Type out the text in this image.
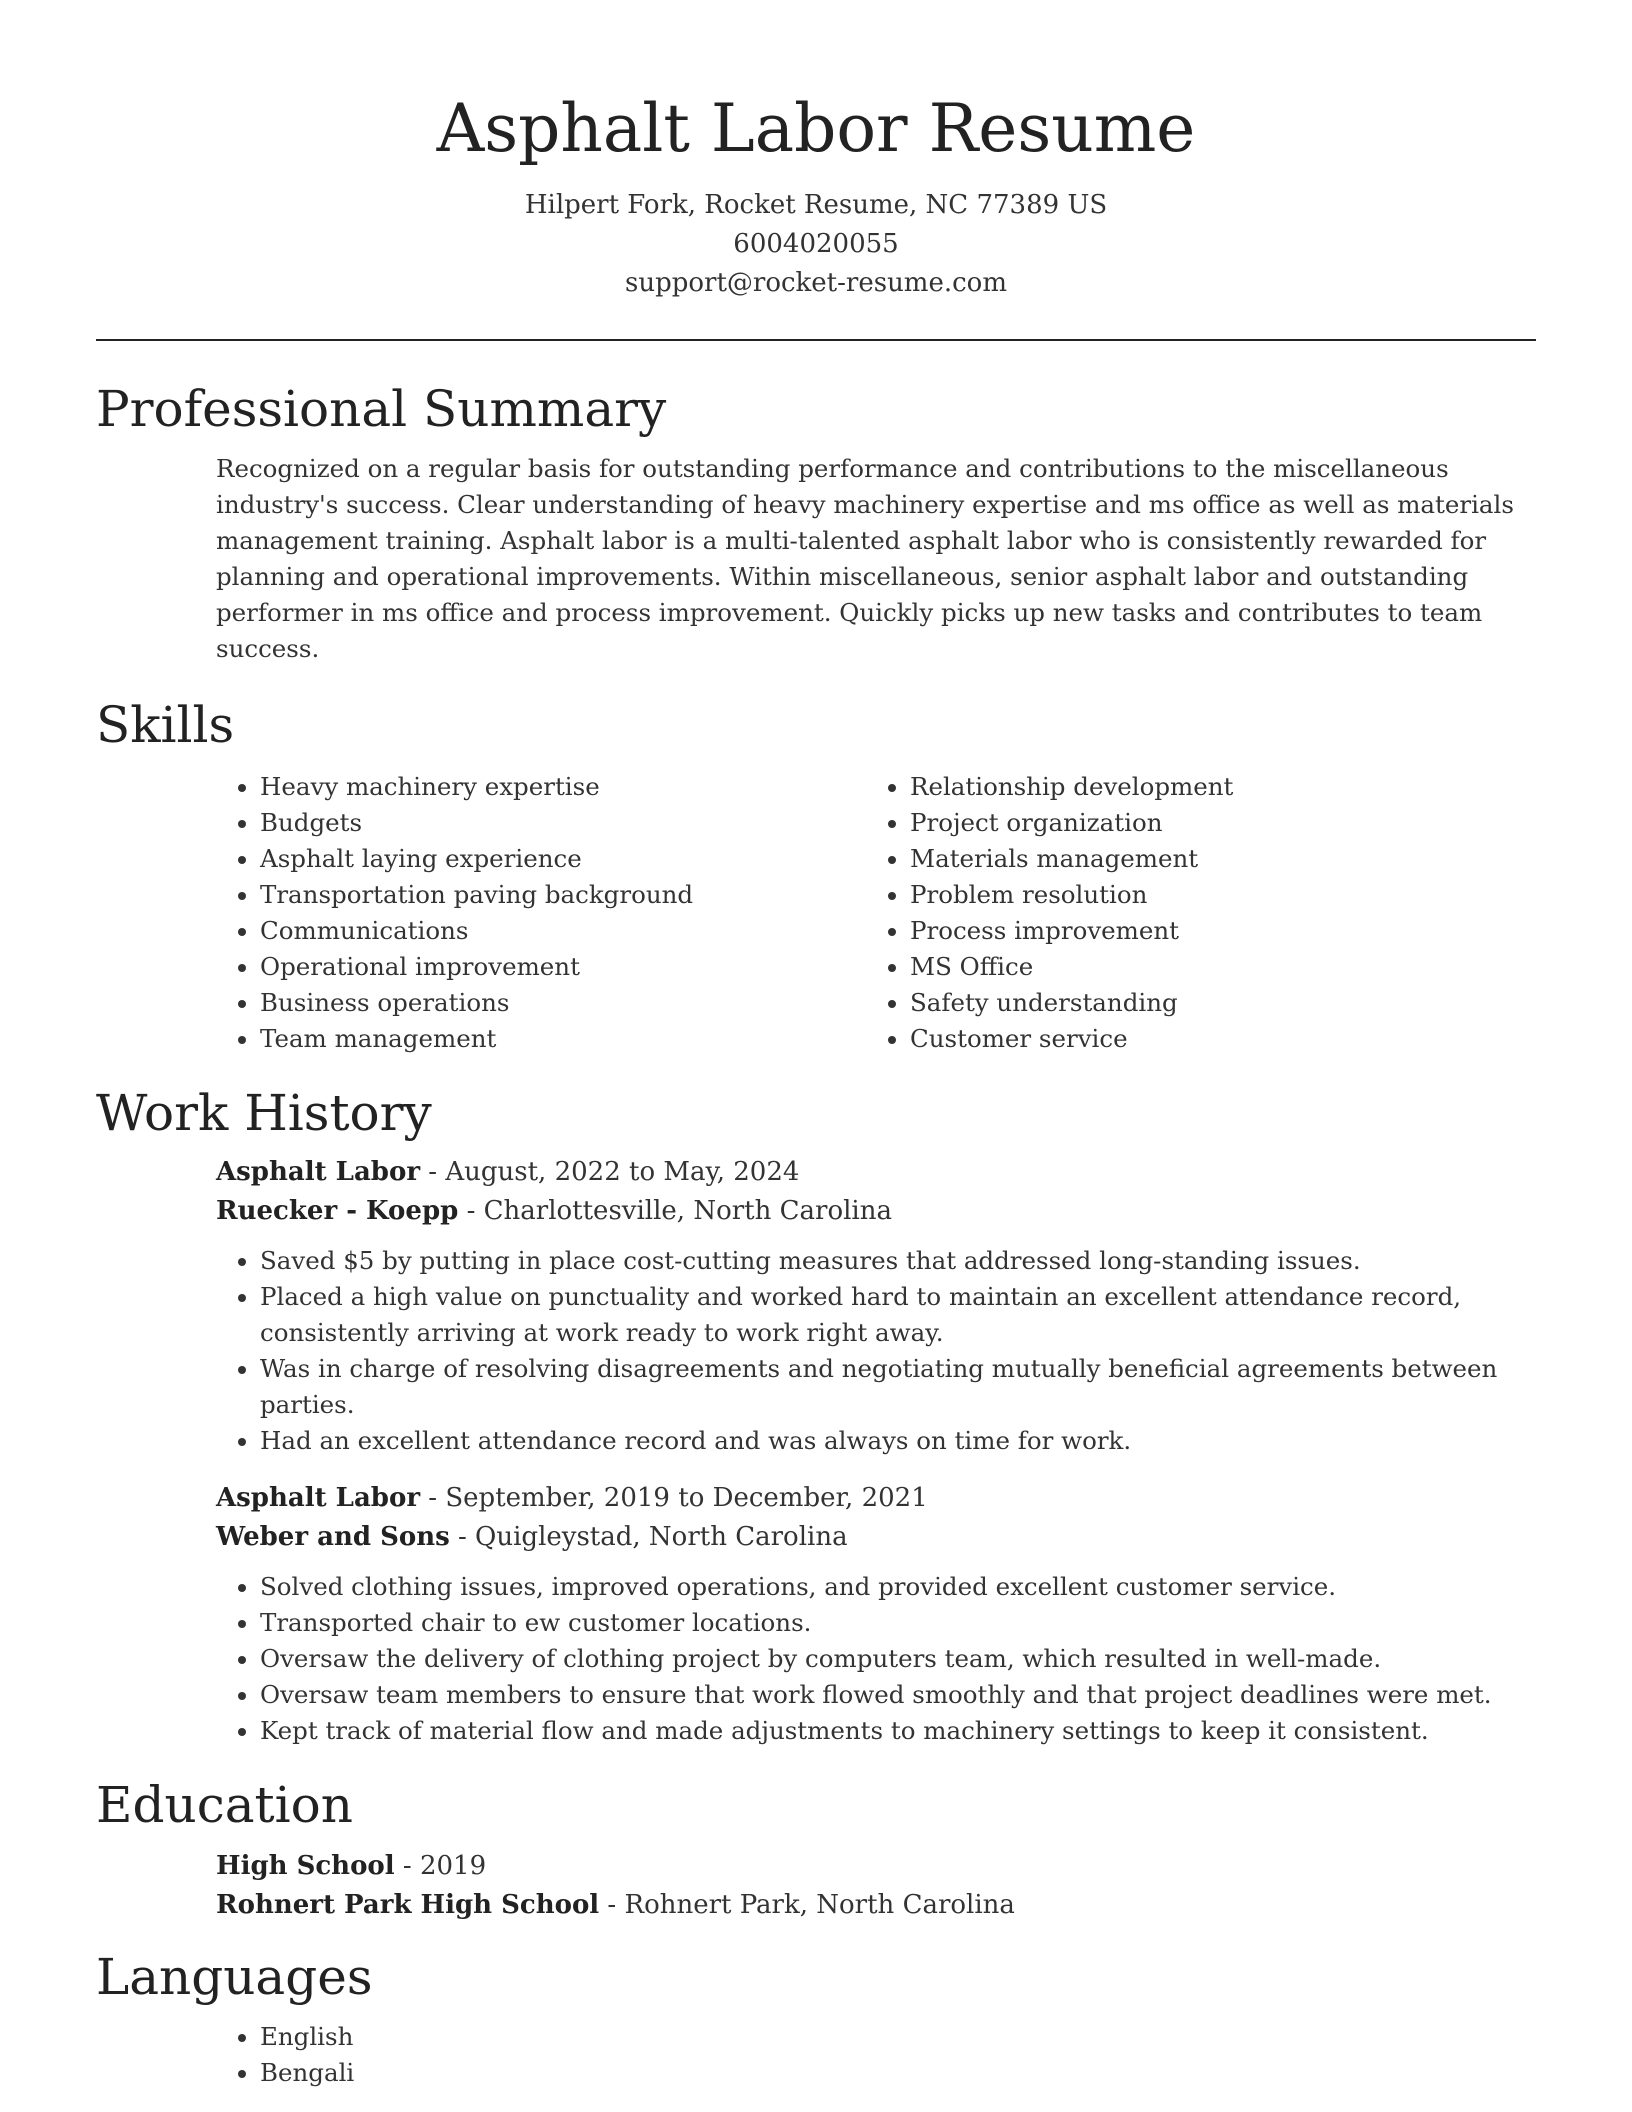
Asphalt Labor Resume
Hilpert Fork, Rocket Resume, NC 77389 US
6004020055
support@rocket-resume.com
Professional Summary
Recognized on a regular basis for outstanding performance and contributions to the miscellaneous industry's success. Clear understanding of heavy machinery expertise and ms office as well as materials management training. Asphalt labor is a multi-talented asphalt labor who is consistently rewarded for planning and operational improvements. Within miscellaneous, senior asphalt labor and outstanding performer in ms office and process improvement. Quickly picks up new tasks and contributes to team success.
Skills
• Heavy machinery expertise
• Budgets
• Asphalt laying experience
• Transportation paving background
• Communications
• Operational improvement
• Business operations
• Team management
• Relationship development
• Project organization
• Materials management
• Problem resolution
• Process improvement
• MS Office
• Safety understanding
• Customer service
Work History
Asphalt Labor - August, 2022 to May, 2024
Ruecker - Koepp - Charlottesville, North Carolina
• Saved $5 by putting in place cost-cutting measures that addressed long-standing issues.
• Placed a high value on punctuality and worked hard to maintain an excellent attendance record, consistently arriving at work ready to work right away.
• Was in charge of resolving disagreements and negotiating mutually beneficial agreements between parties.
• Had an excellent attendance record and was always on time for work.
Asphalt Labor - September, 2019 to December, 2021
Weber and Sons - Quigleystad, North Carolina
• Solved clothing issues, improved operations, and provided excellent customer service.
• Transported chair to ew customer locations.
• Oversaw the delivery of clothing project by computers team, which resulted in well-made.
• Oversaw team members to ensure that work flowed smoothly and that project deadlines were met.
• Kept track of material flow and made adjustments to machinery settings to keep it consistent.
Education
High School - 2019
Rohnert Park High School - Rohnert Park, North Carolina
Languages
• English
• Bengali
